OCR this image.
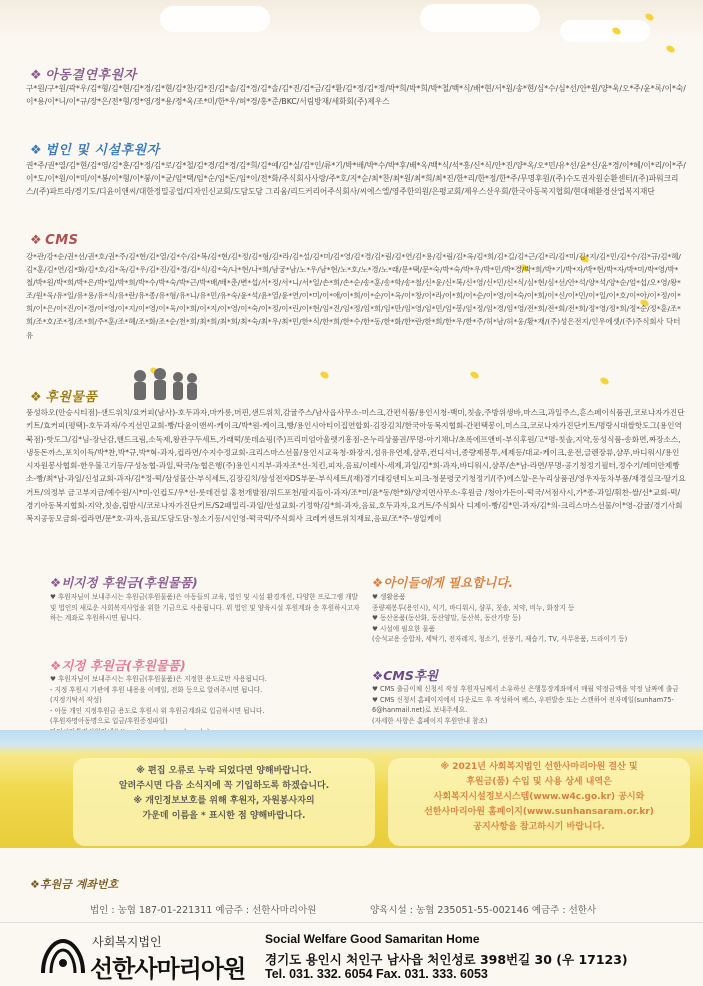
❖ 아동결연후원자
구*원/구*원/곽*우/김*형/김*현/김*경/김*현/김*찬/김*진/김*솔/김*경/김*솔/김*진/김*금/김*환/김*정/김*정/박*희/박*희/박*철/백*식/배*현/서*원/송*현/심*수/심*선/안*원/양*욱/오*주/윤*록/이*숙/이*용/이*니/이*규/장*은/전*형/정*영/정*용/정*욱/조*미/한*우/허*경/홍*준/BKC/서림방재/세화회(주)제우스
❖ 법인 및 시설후원자
권*주/권*열/김*현/김*영/김*훈/김*정/김*로/김*철/김*경/김*경/김*희/김*예/김*실/김*인/류*기/박*배/박*수/박*후/배*옥/백*식/석*흥/신*식/안*진/양*옥/오*민/유*선/윤*신/윤*경/이*혜/이*리/이*주/이*도/이*원/이*미/이*봉/이*형/이*붕/이*균/임*택/임*순/임*돈/임*이/전*화/주식회사사랑/주*호/지*순/최*찬/최*원/최*희/최*진/한*리/한*정/한*주/무명후원/(주)수도권자원순환센터/(주)파워크리스/(주)파트라/경기도/디윤이앤씨/대한정밀공업/디자인신교회/도담도담 그리움/리드커리어주식회사/씨에스엘/영주한의원/은평교회/제우스산우회/한국아동복지협회/현대해환경산업복지재단
❖ CMS
강*관/강*순/권*선/권*호/권*주/김*현/김*열/김*수/김*복/김*현/김*정/김*형/김*라/김*설/김*미/김*영/김*경/김*림/김*연/김*용/김*림/김*옥/김*희/김*길/김*근/김*리/김*미/김*지/김*민/김*수/김*규/김*혜/김*훈/김*연/김*화/김*호/김*옥/김*우/김*진/김*경/김*식/김*숙/나*현/나*희/남궁*남/노*우/남*현/노*호/노*경/노*래/문*택/문*숙/박*숙/박*우/박*민/박*경/박*희/박*기/박*자/박*현/박*자/박*미/박*영/박*철/박*원/박*희/박*은/박*일/박*희/박*수/박*숙/박*근/박*배/배*춘/변*섭/서*정/서*니/서*일/손*희/손*순/송*훈/송*학/송*철/신*윤/신*복/신*영/신*민/신*식/심*현/심*선/안*석/양*석/양*순/엄*섭/오*영/왕*조/원*욱/유*일/유*용/유*식/유*란/유*종/유*형/유*니/유*민/유*숙/윤*석/윤*열/윤*연/이*미/이*애/이*희/이*순/이*옥/이*창/이*라/이*희/이*순/이*영/이*숙/이*희/이*신/이*민/이*일/이*호/이*아/이*정/이*희/이*은/이*진/이*경/이*영/이*지/이*영/이*욱/이*희/이*지/이*영/이*숙/이*정/이*린/이*현/임*진/임*정/임*희/임*만/임*영/임*민/임*봉/임*정/임*경/임*영/전*희/전*회/전*희/정*영/정*희/정*순/정*훈/조*희/조*호/조*정/조*희/주*훈/조*혜/조*화/조*순/천*희/최*희/최*희/최*숙/최*우/최*민/한*식/한*희/한*수/한*동/한*화/한*란/한*희/한*우/한*주/허*남/허*웅/황*재/(주)성은전지/인우에셋/(주)주식회사 닥터유
❖ 후원물품
풍성하오(안승시티점)-샌드위치/요커피(남사)-호두과자,마카롱,머핀,샌드위치,감귤주스/남사읍사무소-미스크,간편식품/용인시청-백미,칫솔,주방위생바,마스크,과일주스,흔스페이식품권,코로나자가진단키트/효커피(평택)-호두과자/수지선민교회-빵/다윤이앤씨-케이크/박*원-케이크,빵/용인시아티이집연합회-김장김치/한국아동복지협회-간편택봉이,미스크,코로나자가진단키트/명랑시대쌀핫도그(용인역북점)-핫도그/김*님-장난감,핸드크림,소독제,왕관구두세트,가래떡/롯데쇼핑(주)프리미엄아울렛기흥점-온누리상품권/무명-아기채나/초록에프앤비-부식후원/고*명-칫솔,지약,동성식품-송화면,짜장소스,냉동돈까스,포치이득/박*찬,박*규,박*혁-과자,컵라면/수지수정교회-크리스마스선물/용인시교육청-화장지,섬유유연제,샴푸,컨디셔너,종량제봉투,세제등/대교-케이크,운전,글렌장류,샴푸,바디워시/용인시자원봉사협회-한우불고기등/구성농협-과일,딱국/농협은행(주)용인시지부-과자조*선-치킨,피자,음료/이레사-세제,과일/김*희-과자,바디워시,샴푸/손*남-라면/무명-공기청정기필터,정수기/레미안제빵소-빵/최*남-과일/신성교회-과자/김*정-떡/삼성물산-부식세트,김장김치/삼성전자DS부문-부식세트/(재)경기대킹덴티노피크-청문령굿기청정기/(주)에스알-온누리상품권/영우자동차부품/재경실크-딸기요거트/의정부 금고부지금/예수원/시*미-인컵도/우*선-롯데건설 홍천개발점/위드포천/팔지들이-과자/조*미/윤*동/한*화/양지면사무소-후원금 /청아가든이-떡국/서점사시,가*종-과일/휘찬-쌀/신*교회-떡/경기아동복지협회-지약,칫솔,립밤시/코로나자가진단키트/S2패밀리-과일/안성교회-기정학/김*희-과자,음료,호두과자,요거트/주식회사 디제이-빵/김*민-과자/김*의-크리스마스선물/이*영-감귤/경기사회복지공동모금회-컵라면/문*호-과자,음료/도담도담-청소기등/시인영-떡국떡/주식회사 크레커센트위치재료,음료/조*주-생일케이
❖비지정 후원금(후원물품)
♥ 후원자님이 보내주시는 후원금(후원물품)은 아동들의 교육, 법인 및 시설 환경개선, 다양한 프로그램 개발 및 법인의 새로운 사회복지사업을 위한 기금으로 사용됩니다. 위 법인 및 양육시설 후원계좌 송 후원하시고자 하는 계좌로 후원하시면 됩니다.
❖지정 후원금(후원물품)
♥ 후원자님이 보내주시는 후원금(후원물품)은 지정한 용도로만 사용됩니다.
- 지정 후원시 기관에 후원 내용을 이메일, 전화 등으로 알려주시면 됩니다.
(지정기탁서 작성)
- 아동 개인 지정후원금 용도로 후원시 위 후원금계좌로 입금하시면 됩니다.
(후원자명아동명으로 입금/후원증정파일)

❖아이들에게 필요합니다.
♥ 생활용품
종량제봉투(용인시), 식기, 바디워시, 샴푸, 칫솔, 치약, 비누, 화장지 등
♥ 동산용품(동산화, 동산양말, 동산복, 동산가방 등)
♥ 시설에 필요한 물품
(승석교용 승합차, 세탁기, 전자레지, 청소기, 선풍기, 제습기, TV, 사무용품, 드라이기 등)
❖CMS후원
♥ CMS 출금이체 신청서 작성 후원자님께서 소유하신 은행통장계좌에서 매월 약정금액을 약정 날짜에 출금
♥ CMS 신청서 홈페이지에서 다운로드 후 작성하여 팩스, 우편발송 또는 스캔하여 전자메일(sunham75-6@hanmail.net)로 보내주세요.
(자세한 사항은 홈페이지 후원안내 참조)
※ 편집 오류로 누락 되었다면 양해바랍니다.
알려주시면 다음 소식지에 꼭 기입하도록 하겠습니다.
※ 개인정보보호를 위해 후원자, 자원봉사자의
가운데 이름을 * 표시한 점 양해바랍니다.
※ 2021년 사회복지법인 선한사마리아원 결산 및
후원금(품) 수입 및 사용 상세 내역은
사회복지시설정보시스템(www.w4c.go.kr) 공시와
선한사마리아원 홈페이지(www.sunhansaram.or.kr)
공지사항을 참고하시기 바랍니다.
❖후원금 계좌번호
법인 : 농협 187-01-221311 예금주 : 선한사마리아원	양육시설 : 농협 235051-55-002146 예금주 : 선한사
사회복지법인
선한사마리아원
Social Welfare Good Samaritan Home
경기도 용인시 처인구 남사읍 처인성로 398번길 30 (우 17123)
Tel. 031. 332. 6054 Fax. 031. 333. 6053
